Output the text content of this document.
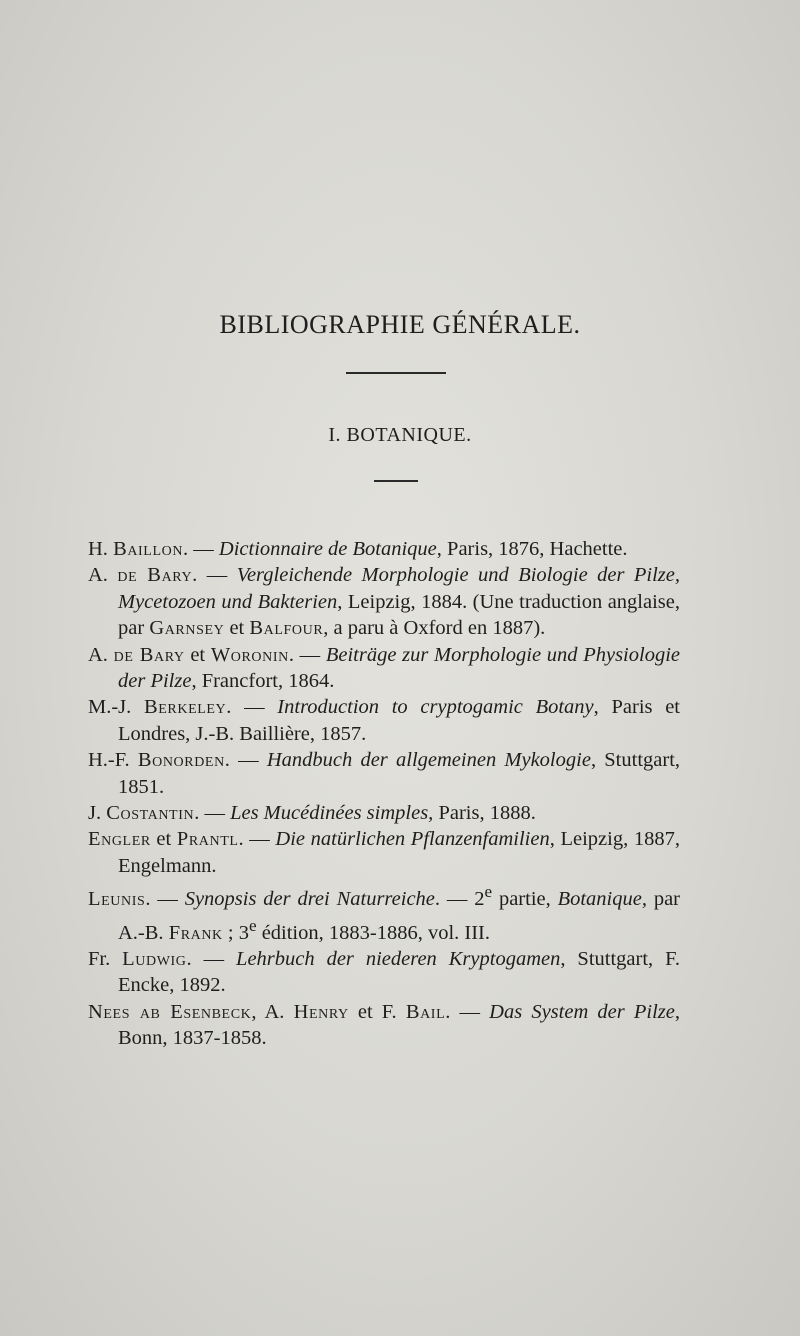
BIBLIOGRAPHIE GÉNÉRALE.
I. BOTANIQUE.

H. Baillon. — Dictionnaire de Botanique, Paris, 1876, Hachette.

A. de Bary. — Vergleichende Morphologie und Biologie der Pilze, Mycetozoen und Bakterien, Leipzig, 1884. (Une traduction anglaise, par Garnsey et Balfour, a paru à Oxford en 1887).

A. de Bary et Woronin. — Beiträge zur Morphologie und Physiologie der Pilze, Francfort, 1864.

M.-J. Berkeley. — Introduction to cryptogamic Botany, Paris et Londres, J.-B. Baillière, 1857.

H.-F. Bonorden. — Handbuch der allgemeinen Mykologie, Stuttgart, 1851.

J. Costantin. — Les Mucédinées simples, Paris, 1888.

Engler et Prantl. — Die natürlichen Pflanzenfamilien, Leipzig, 1887, Engelmann.

Leunis. — Synopsis der drei Naturreiche. — 2e partie, Botanique, par A.-B. Frank ; 3e édition, 1883-1886, vol. III.

Fr. Ludwig. — Lehrbuch der niederen Kryptogamen, Stuttgart, F. Encke, 1892.

Nees ab Esenbeck, A. Henry et F. Bail. — Das System der Pilze, Bonn, 1837-1858.
